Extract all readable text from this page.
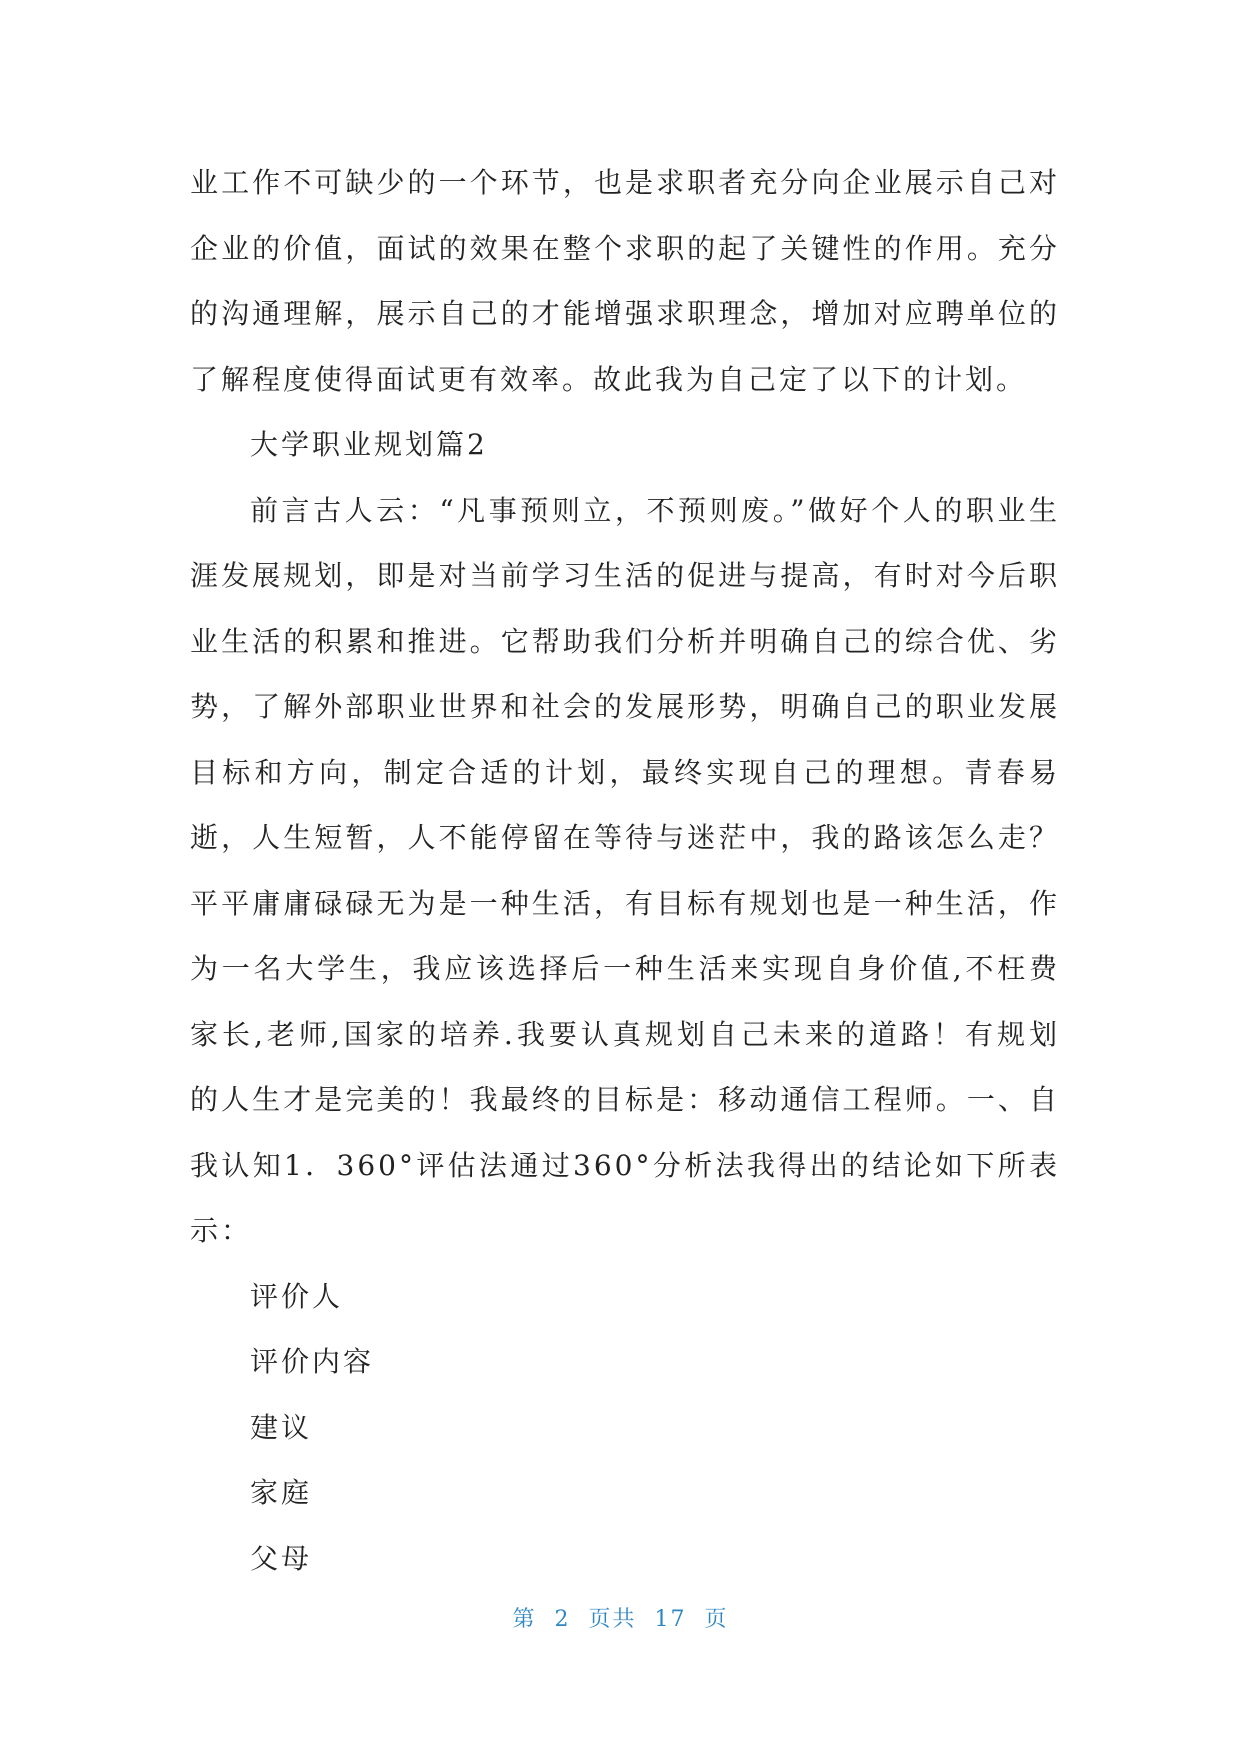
业工作不可缺少的一个环节，也是求职者充分向企业展示自己对企业的价值，面试的效果在整个求职的起了关键性的作用。充分的沟通理解，展示自己的才能增强求职理念，增加对应聘单位的了解程度使得面试更有效率。故此我为自己定了以下的计划。

大学职业规划篇2

前言古人云：“凡事预则立，不预则废。”做好个人的职业生涯发展规划，即是对当前学习生活的促进与提高，有时对今后职业生活的积累和推进。它帮助我们分析并明确自己的综合优、劣势，了解外部职业世界和社会的发展形势，明确自己的职业发展目标和方向，制定合适的计划，最终实现自己的理想。青春易逝，人生短暂，人不能停留在等待与迷茫中，我的路该怎么走？平平庸庸碌碌无为是一种生活，有目标有规划也是一种生活，作为一名大学生，我应该选择后一种生活来实现自身价值,不枉费家长,老师,国家的培养.我要认真规划自己未来的道路！有规划的人生才是完美的！我最终的目标是：移动通信工程师。一、自我认知1．360°评估法通过360°分析法我得出的结论如下所表示：

评价人

评价内容

建议

家庭

父母

第  2  页共  17  页
